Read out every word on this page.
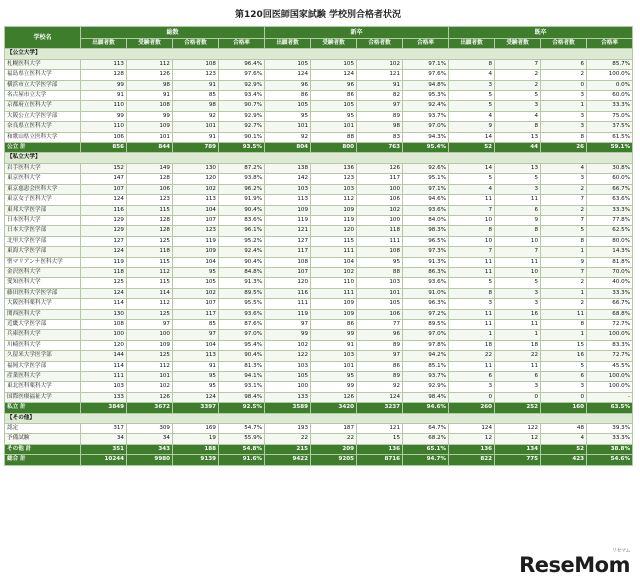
第120回医師国家試験 学校別合格者状況
学校名	総数				新卒				既卒			
	出願者数	受験者数	合格者数	合格率	出願者数	受験者数	合格者数	合格率	出願者数	受験者数	合格者数	合格率
【公立大学】												
札幌医科大学	113	112	108	96.4%	105	105	102	97.1%	8	7	6	85.7%
福島県立医科大学	128	126	123	97.6%	124	124	121	97.6%	4	2	2	100.0%
横浜市立大学医学部	99	98	91	92.9%	96	96	91	94.8%	3	2	0	0.0%
名古屋市立大学	91	91	85	93.4%	86	86	82	95.3%	5	5	3	60.0%
京都府立医科大学	110	108	98	90.7%	105	105	97	92.4%	5	3	1	33.3%
大阪公立大学医学部	99	99	92	92.9%	95	95	89	93.7%	4	4	3	75.0%
奈良県立医科大学	110	109	101	92.7%	101	101	98	97.0%	9	8	3	37.5%
和歌山県立医科大学	106	101	91	90.1%	92	88	83	94.3%	14	13	8	61.5%
公立 計	856	844	789	93.5%	804	800	763	95.4%	52	44	26	59.1%
【私立大学】												
岩手医科大学	152	149	130	87.2%	138	136	126	92.6%	14	13	4	30.8%
東京医科大学	147	128	120	93.8%	142	123	117	95.1%	5	5	3	60.0%
東京慈恵会医科大学	107	106	102	96.2%	103	103	100	97.1%	4	3	2	66.7%
東京女子医科大学	124	123	113	91.9%	113	112	106	94.6%	11	11	7	63.6%
東邦大学医学部	116	115	104	90.4%	109	109	102	93.6%	7	6	2	33.3%
日本医科大学	129	128	107	83.6%	119	119	100	84.0%	10	9	7	77.8%
日本大学医学部	129	128	123	96.1%	121	120	118	98.3%	8	8	5	62.5%
北里大学医学部	127	125	119	95.2%	127	115	111	96.5%	10	10	8	80.0%
東海大学医学部	124	118	109	92.4%	117	111	108	97.3%	7	7	1	14.3%
聖マリアンナ医科大学	119	115	104	90.4%	108	104	95	91.3%	11	11	9	81.8%
金沢医科大学	118	112	95	84.8%	107	102	88	86.3%	11	10	7	70.0%
愛知医科大学	125	115	105	91.3%	120	110	103	93.6%	5	5	2	40.0%
藤田医科大学医学部	124	114	102	89.5%	116	111	101	91.0%	8	3	1	33.3%
大阪医科薬科大学	114	112	107	95.5%	111	109	105	96.3%	3	3	2	66.7%
関西医科大学	130	125	117	93.6%	119	109	106	97.2%	11	16	11	68.8%
近畿大学医学部	108	97	85	87.6%	97	86	77	89.5%	11	11	8	72.7%
兵庫医科大学	100	100	97	97.0%	99	99	96	97.0%	1	1	1	100.0%
川崎医科大学	120	109	104	95.4%	102	91	89	97.8%	18	18	15	83.3%
久留米大学医学部	144	125	113	90.4%	122	103	97	94.2%	22	22	16	72.7%
福岡大学医学部	114	112	91	81.3%	103	101	86	85.1%	11	11	5	45.5%
産業医科大学	111	101	95	94.1%	105	95	89	93.7%	6	6	6	100.0%
東北医科薬科大学	103	102	95	93.1%	100	99	92	92.9%	3	3	3	100.0%
国際医療福祉大学	133	126	124	98.4%	133	126	124	98.4%	0	0	0	-
私立 計	3849	3672	3397	92.5%	3589	3420	3237	94.6%	260	252	160	63.5%
【その他】												
認定	317	309	169	54.7%	193	187	121	64.7%	124	122	48	39.3%
予備試験	34	34	19	55.9%	22	22	15	68.2%	12	12	4	33.3%
その他 計	351	343	188	54.8%	215	209	136	65.1%	136	134	52	38.8%
総合 計	10244	9980	9139	91.6%	9422	9205	8716	94.7%	822	775	423	54.6%
ReseMom
リセマム
